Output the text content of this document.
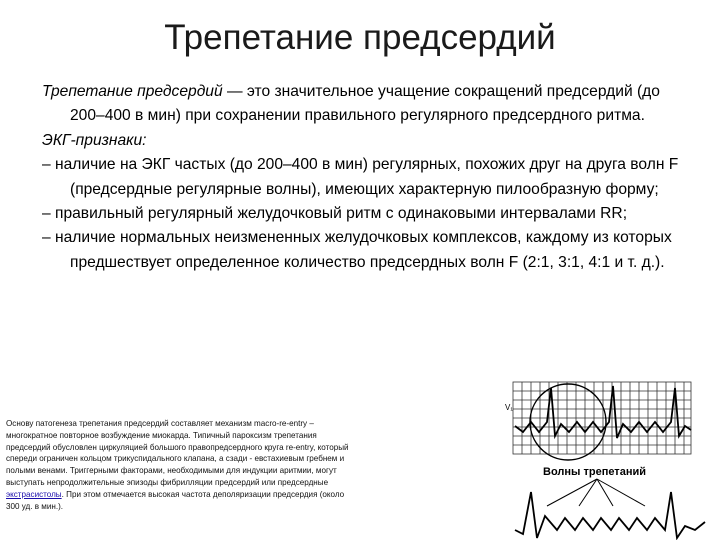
Трепетание предсердий

Трепетание предсердий — это значительное учащение сокращений предсердий (до 200–400 в мин) при сохранении правильного регулярного предсердного ритма.

ЭКГ-признаки:

– наличие на ЭКГ частых (до 200–400 в мин) регулярных, похожих друг на друга волн F (предсердные регулярные волны), имеющих характерную пилообразную форму;

– правильный регулярный желудочковый ритм с одинаковыми интервалами RR;

– наличие нормальных неизмененных желудочковых комплексов, каждому из которых предшествует определенное количество предсердных волн F (2:1, 3:1, 4:1 и т. д.).

Основу патогенеза трепетания предсердий составляет механизм macro-re-entry – многократное повторное возбуждение миокарда. Типичный пароксизм трепетания предсердий обусловлен циркуляцией большого правопредсердного круга re-entry, который спереди ограничен кольцом трикуспидального клапана, а сзади - евстахиевым гребнем и полыми венами. Триггерными факторами, необходимыми для индукции аритмии, могут выступать непродолжительные эпизоды фибрилляции предсердий или предсердные экстрасистолы. При этом отмечается высокая частота деполяризации предсердия (около 300 уд. в мин.).
V₁
Волны трепетаний
